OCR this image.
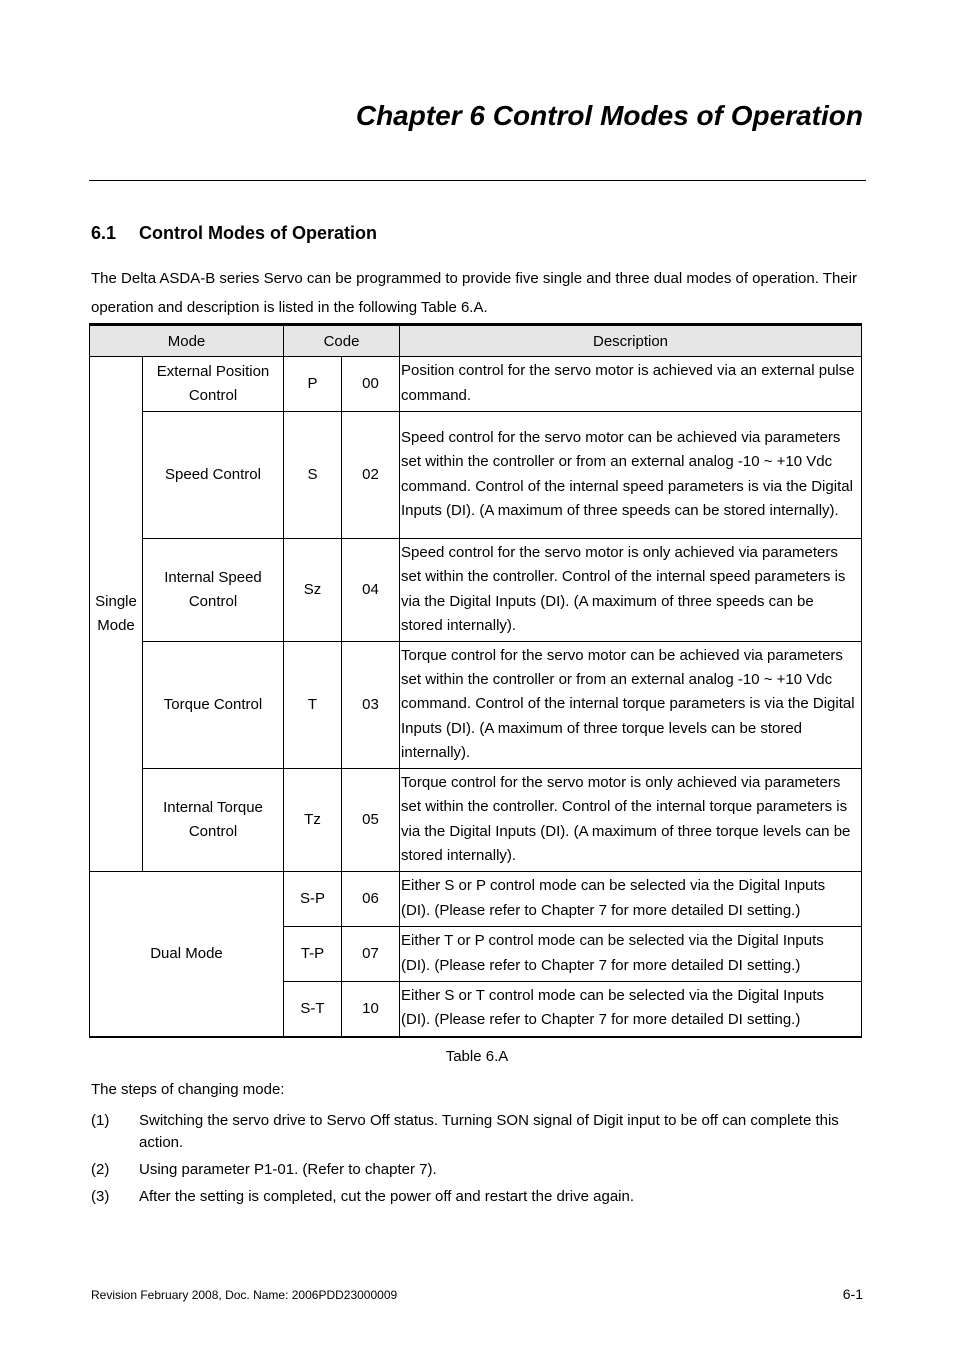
Chapter 6 Control Modes of Operation
6.1 Control Modes of Operation

The Delta ASDA-B series Servo can be programmed to provide five single and three dual modes of operation. Their operation and description is listed in the following Table 6.A.

Mode		Code		Description
Single Mode	External Position Control	P	00	Position control for the servo motor is achieved via an external pulse command.
	Speed Control	S	02	Speed control for the servo motor can be achieved via parameters set within the controller or from an external analog -10 ~ +10 Vdc command. Control of the internal speed parameters is via the Digital Inputs (DI). (A maximum of three speeds can be stored internally).
	Internal Speed Control	Sz	04	Speed control for the servo motor is only achieved via parameters set within the controller. Control of the internal speed parameters is via the Digital Inputs (DI). (A maximum of three speeds can be stored internally).
	Torque Control	T	03	Torque control for the servo motor can be achieved via parameters set within the controller or from an external analog -10 ~ +10 Vdc command. Control of the internal torque parameters is via the Digital Inputs (DI). (A maximum of three torque levels can be stored internally).
	Internal Torque Control	Tz	05	Torque control for the servo motor is only achieved via parameters set within the controller. Control of the internal torque parameters is via the Digital Inputs (DI). (A maximum of three torque levels can be stored internally).
Dual Mode		S-P	06	Either S or P control mode can be selected via the Digital Inputs (DI). (Please refer to Chapter 7 for more detailed DI setting.)
		T-P	07	Either T or P control mode can be selected via the Digital Inputs (DI). (Please refer to Chapter 7 for more detailed DI setting.)
		S-T	10	Either S or T control mode can be selected via the Digital Inputs (DI). (Please refer to Chapter 7 for more detailed DI setting.)

Table 6.A

The steps of changing mode:

(1) Switching the servo drive to Servo Off status. Turning SON signal of Digit input to be off can complete this action.
(2) Using parameter P1-01. (Refer to chapter 7).
(3) After the setting is completed, cut the power off and restart the drive again.

Revision February 2008, Doc. Name: 2006PDD23000009	6-1
